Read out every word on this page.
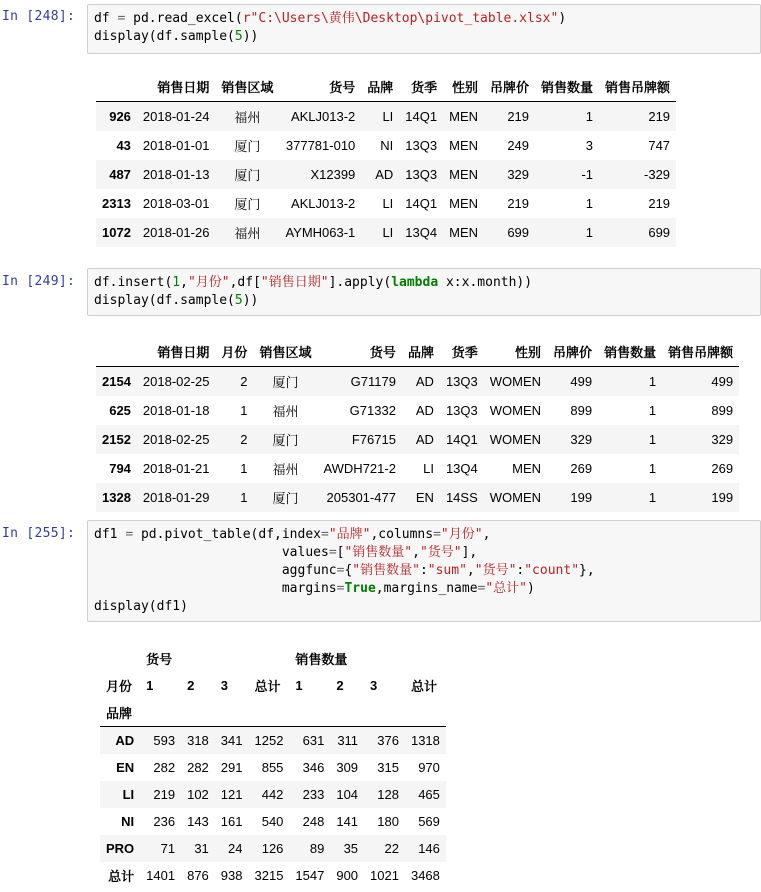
In [248]:	df = pd.read_excel(r"C:\Users\黄伟\Desktop\pivot_table.xlsx")
display(df.sample(5))
	销售日期	销售区域	货号	品牌	货季	性别	吊牌价	销售数量	销售吊牌额
926	2018-01-24	福州	AKLJ013-2	LI	14Q1	MEN	219	1	219
43	2018-01-01	厦门	377781-010	NI	13Q3	MEN	249	3	747
487	2018-01-13	厦门	X12399	AD	13Q3	MEN	329	-1	-329
2313	2018-03-01	厦门	AKLJ013-2	LI	14Q1	MEN	219	1	219
1072	2018-01-26	福州	AYMH063-1	LI	13Q4	MEN	699	1	699
In [249]:	df.insert(1,"月份",df["销售日期"].apply(lambda x:x.month))
display(df.sample(5))
	销售日期	月份	销售区域	货号	品牌	货季	性别	吊牌价	销售数量	销售吊牌额
2154	2018-02-25	2	厦门	G71179	AD	13Q3	WOMEN	499	1	499
625	2018-01-18	1	福州	G71332	AD	13Q3	WOMEN	899	1	899
2152	2018-02-25	2	厦门	F76715	AD	14Q1	WOMEN	329	1	329
794	2018-01-21	1	福州	AWDH721-2	LI	13Q4	MEN	269	1	269
1328	2018-01-29	1	厦门	205301-477	EN	14SS	WOMEN	199	1	199
In [255]:	df1 = pd.pivot_table(df,index="品牌",columns="月份",
values=["销售数量","货号"],
aggfunc={"销售数量":"sum","货号":"count"},
margins=True,margins_name="总计")
display(df1)
	货号				销售数量			
月份	1	2	3	总计	1	2	3	总计
品牌								
AD	593	318	341	1252	631	311	376	1318
EN	282	282	291	855	346	309	315	970
LI	219	102	121	442	233	104	128	465
NI	236	143	161	540	248	141	180	569
PRO	71	31	24	126	89	35	22	146
总计	1401	876	938	3215	1547	900	1021	3468
